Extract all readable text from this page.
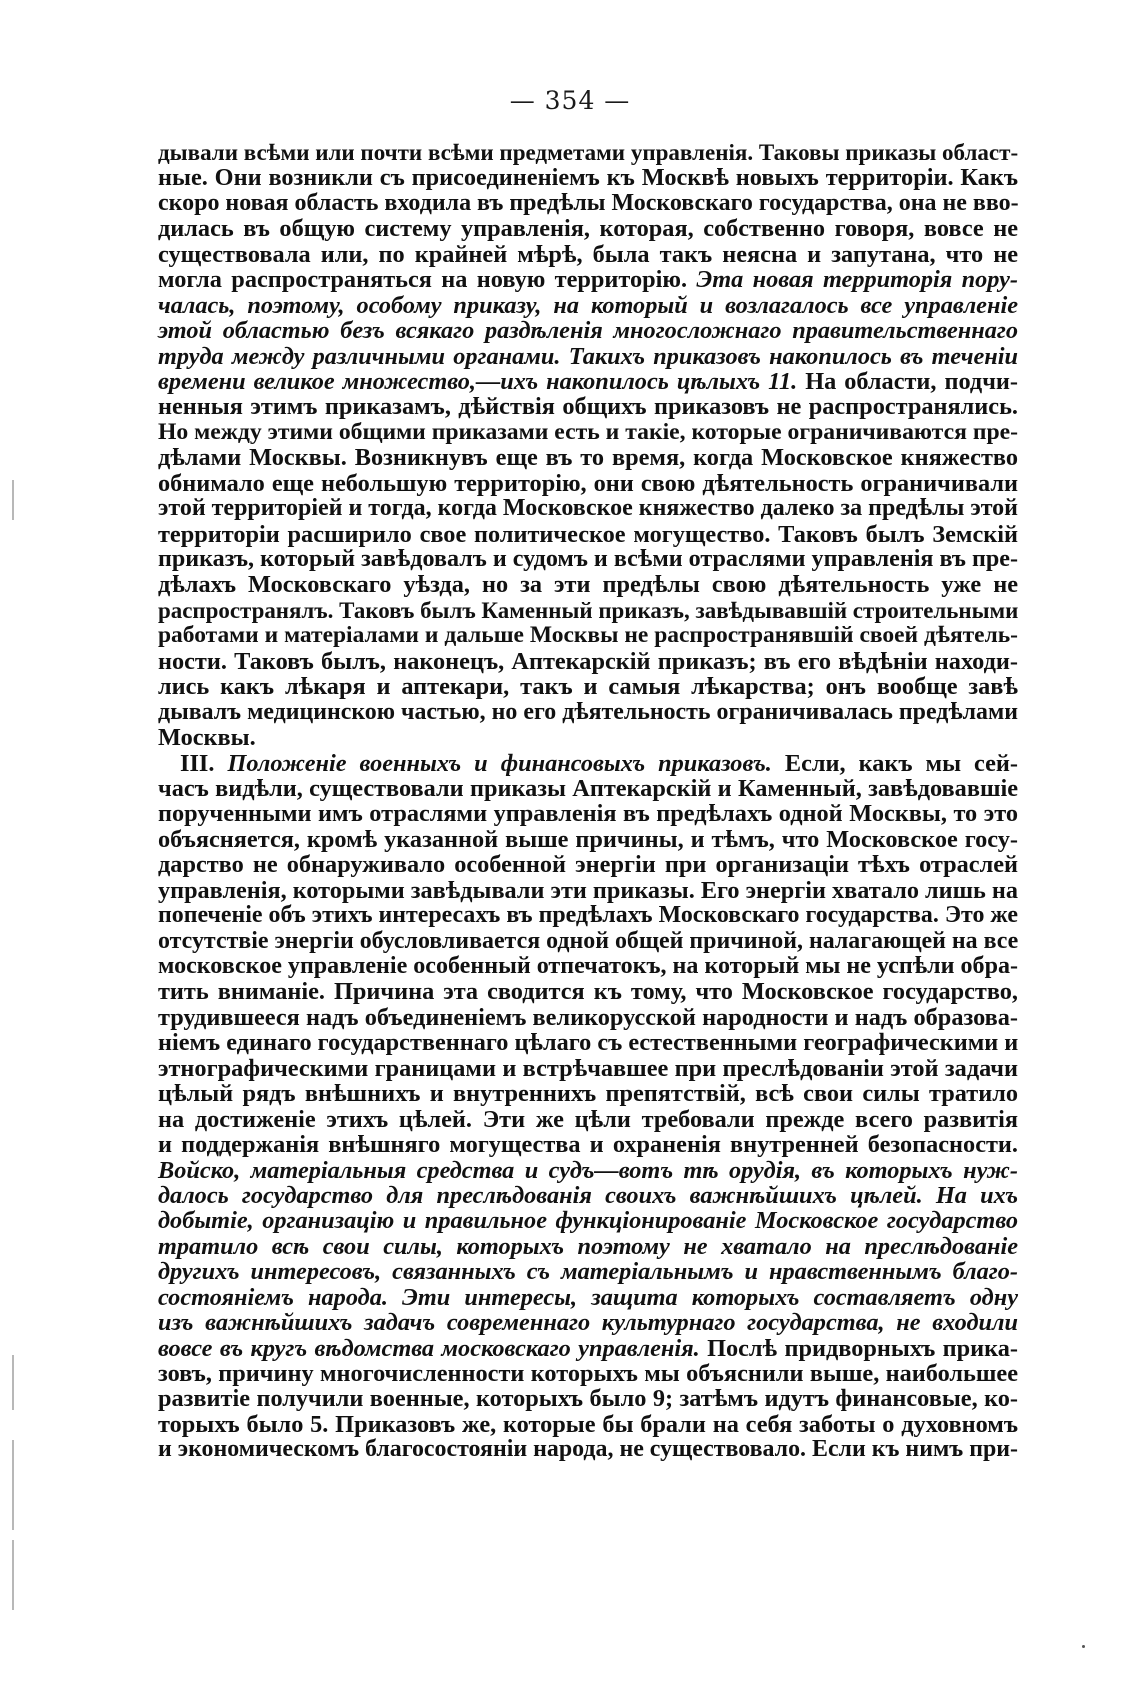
— 354 —
дывали всѣми или почти всѣми предметами управленія. Таковы приказы област-
ные. Они возникли съ присоединеніемъ къ Москвѣ новыхъ территоріи. Какъ
скоро новая область входила въ предѣлы Московскаго государства, она не вво-
дилась въ общую систему управленія, которая, собственно говоря, вовсе не
существовала или, по крайней мѣрѣ, была такъ неясна и запутана, что не
могла распространяться на новую территорію. Эта новая территорія пору-
чалась, поэтому, особому приказу, на который и возлагалось все управленіе
этой областью безъ всякаго раздѣленія многосложнаго правительственнаго
труда между различными органами. Такихъ приказовъ накопилось въ теченіи
времени великое множество,—ихъ накопилось цѣлыхъ 11. На области, подчи-
ненныя этимъ приказамъ, дѣйствія общихъ приказовъ не распространялись.
Но между этими общими приказами есть и такіе, которые ограничиваются пре-
дѣлами Москвы. Возникнувъ еще въ то время, когда Московское княжество
обнимало еще небольшую территорію, они свою дѣятельность ограничивали
этой территоріей и тогда, когда Московское княжество далеко за предѣлы этой
территоріи расширило свое политическое могущество. Таковъ былъ Земскій
приказъ, который завѣдовалъ и судомъ и всѣми отраслями управленія въ пре-
дѣлахъ Московскаго уѣзда, но за эти предѣлы свою дѣятельность уже не
распространялъ. Таковъ былъ Каменный приказъ, завѣдывавшій строительными
работами и матеріалами и дальше Москвы не распространявшій своей дѣятель-
ности. Таковъ былъ, наконецъ, Аптекарскій приказъ; въ его вѣдѣніи находи-
лись какъ лѣкаря и аптекари, такъ и самыя лѣкарства; онъ вообще завѣ
дывалъ медицинскою частью, но его дѣятельность ограничивалась предѣлами
Москвы.
III. Положеніе военныхъ и финансовыхъ приказовъ. Если, какъ мы сей-
часъ видѣли, существовали приказы Аптекарскій и Каменный, завѣдовавшіе
порученными имъ отраслями управленія въ предѣлахъ одной Москвы, то это
объясняется, кромѣ указанной выше причины, и тѣмъ, что Московское госу-
дарство не обнаруживало особенной энергіи при организаціи тѣхъ отраслей
управленія, которыми завѣдывали эти приказы. Его энергіи хватало лишь на
попеченіе объ этихъ интересахъ въ предѣлахъ Московскаго государства. Это же
отсутствіе энергіи обусловливается одной общей причиной, налагающей на все
московское управленіе особенный отпечатокъ, на который мы не успѣли обра-
тить вниманіе. Причина эта сводится къ тому, что Московское государство,
трудившееся надъ объединеніемъ великорусской народности и надъ образова-
ніемъ единаго государственнаго цѣлаго съ естественными географическими и
этнографическими границами и встрѣчавшее при преслѣдованіи этой задачи
цѣлый рядъ внѣшнихъ и внутреннихъ препятствій, всѣ свои силы тратило
на достиженіе этихъ цѣлей. Эти же цѣли требовали прежде всего развитія
и поддержанія внѣшняго могущества и охраненія внутренней безопасности.
Войско, матеріальныя средства и судъ—вотъ тѣ орудія, въ которыхъ нуж-
далось государство для преслѣдованія своихъ важнѣйшихъ цѣлей. На ихъ
добытіе, организацію и правильное функціонированіе Московское государство
тратило всѣ свои силы, которыхъ поэтому не хватало на преслѣдованіе
другихъ интересовъ, связанныхъ съ матеріальнымъ и нравственнымъ благо-
состояніемъ народа. Эти интересы, защита которыхъ составляетъ одну
изъ важнѣйшихъ задачъ современнаго культурнаго государства, не входили
вовсе въ кругъ вѣдомства московскаго управленія. Послѣ придворныхъ прика-
зовъ, причину многочисленности которыхъ мы объяснили выше, наибольшее
развитіе получили военные, которыхъ было 9; затѣмъ идутъ финансовые, ко-
торыхъ было 5. Приказовъ же, которые бы брали на себя заботы о духовномъ
и экономическомъ благосостояніи народа, не существовало. Если къ нимъ при-
